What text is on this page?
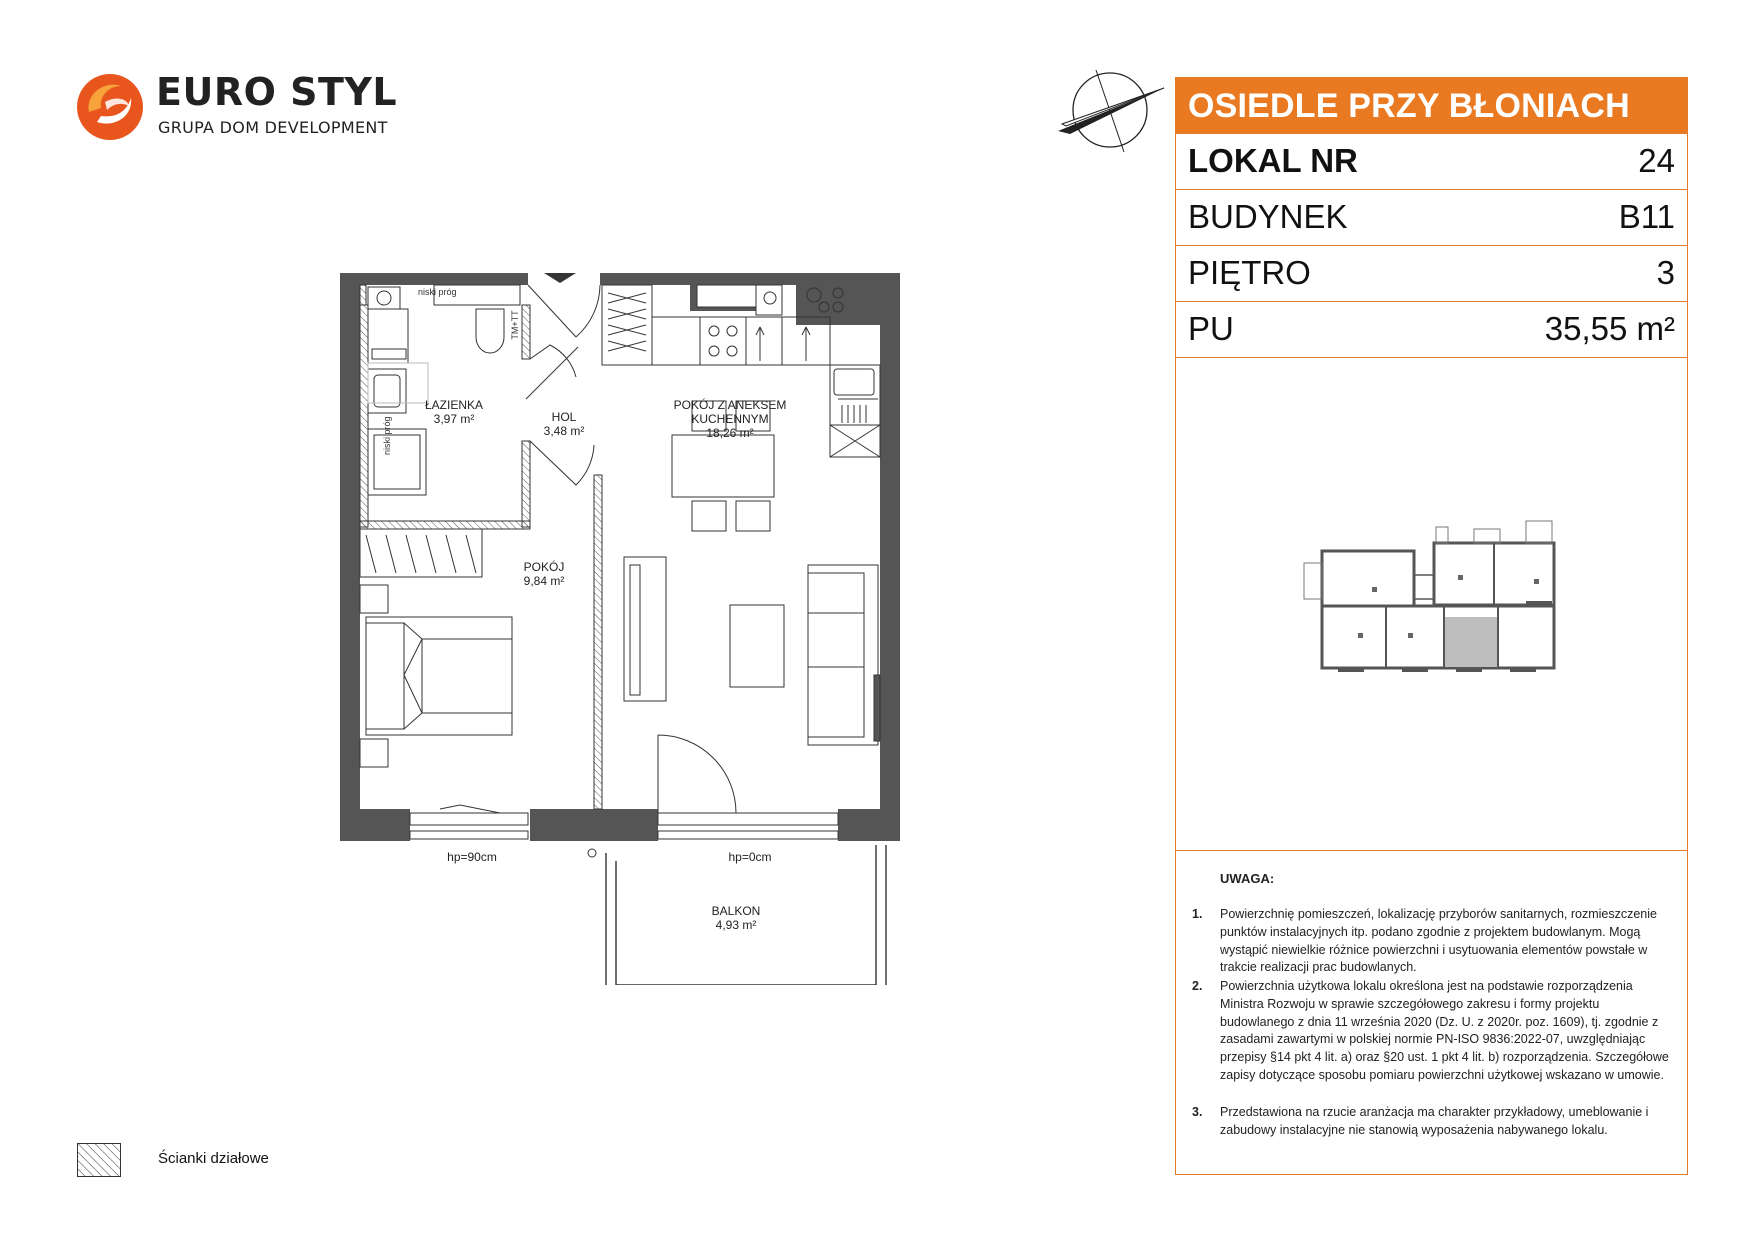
EURO STYL
GRUPA DOM DEVELOPMENT
OSIEDLE PRZY BŁONIACH
LOKAL NR	24
BUDYNEK	B11
PIĘTRO	3
PU	35,55 m²
UWAGA:
1. Powierzchnię pomieszczeń, lokalizację przyborów sanitarnych, rozmieszczenie punktów instalacyjnych itp. podano zgodnie z projektem budowlanym. Mogą wystąpić niewielkie różnice powierzchni i usytuowania elementów powstałe w trakcie realizacji prac budowlanych.
2. Powierzchnia użytkowa lokalu określona jest na podstawie rozporządzenia Ministra Rozwoju w sprawie szczegółowego zakresu i formy projektu budowlanego z dnia 11 września 2020 (Dz. U. z 2020r. poz. 1609), tj. zgodnie z zasadami zawartymi w polskiej normie PN-ISO 9836:2022-07, uwzględniając przepisy §14 pkt 4 lit. a) oraz §20 ust. 1 pkt 4 lit. b) rozporządzenia. Szczegółowe zapisy dotyczące sposobu pomiaru powierzchni użytkowej wskazano w umowie.
3. Przedstawiona na rzucie aranżacja ma charakter przykładowy, umeblowanie i zabudowy instalacyjne nie stanowią wyposażenia nabywanego lokalu.
Ścianki działowe
niski próg
niski próg
TM+TT
ŁAZIENKA
3,97 m²	HOL
3,48 m²
POKÓJ Z ANEKSEM
KUCHENNYM
18,26 m²
POKÓJ
9,84 m²
BALKON
4,93 m²
hp=90cm	hp=0cm
